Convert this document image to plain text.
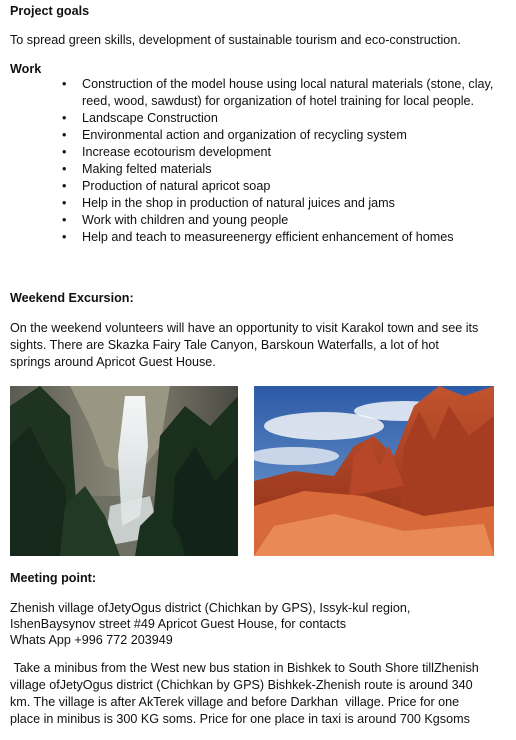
Project goals
To spread green skills, development of sustainable tourism and eco-construction.
Work
• Construction of the model house using local natural materials (stone, clay, reed, wood, sawdust) for organization of hotel training for local people.
• Landscape Construction
• Environmental action and organization of recycling system
• Increase ecotourism development
• Making felted materials
• Production of natural apricot soap
• Help in the shop in production of natural juices and jams
• Work with children and young people
• Help and teach to measureenergy efficient enhancement of homes
Weekend Excursion:
On the weekend volunteers will have an opportunity to visit Karakol town and see its sights. There are Skazka Fairy Tale Canyon, Barskoun Waterfalls, a lot of hot springs around Apricot Guest House.
Meeting point:
Zhenish village ofJetyOgus district (Chichkan by GPS), Issyk-kul region,
IshenBaysynov street #49 Apricot Guest House, for contacts
Whats App +996 772 203949
Take a minibus from the West new bus station in Bishkek to South Shore tillZhenish village ofJetyOgus district (Chichkan by GPS) Bishkek-Zhenish route is around 340 km. The village is after AkTerek village and before Darkhan  village. Price for one place in minibus is 300 KG soms. Price for one place in taxi is around 700 Kgsoms
